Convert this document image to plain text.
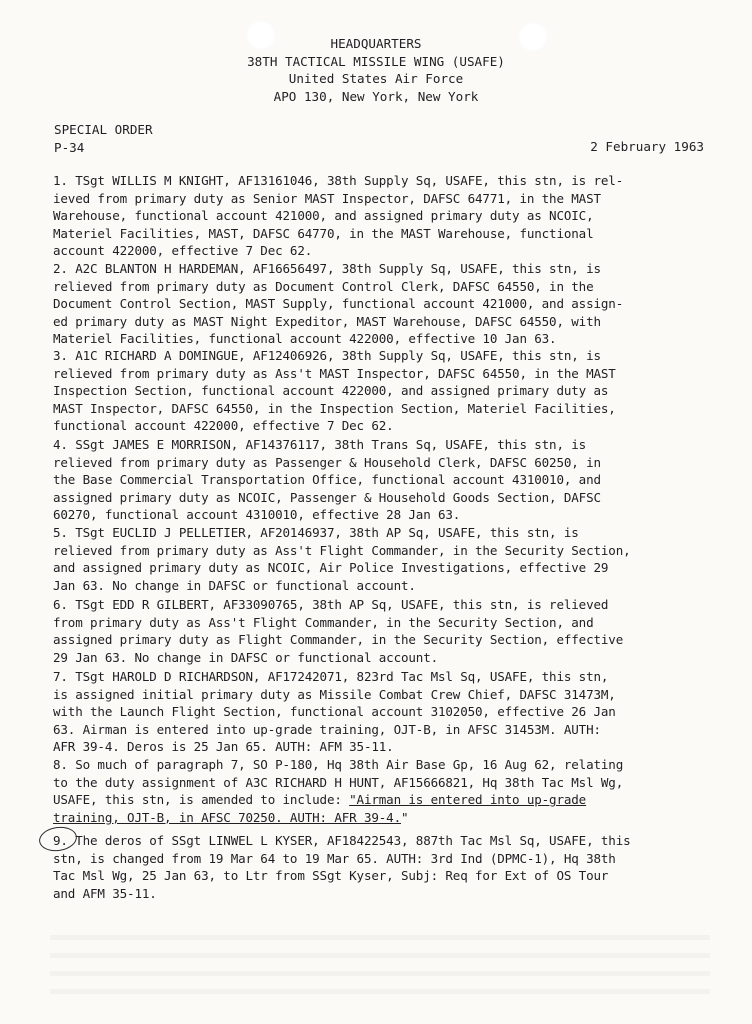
HEADQUARTERS
38TH TACTICAL MISSILE WING (USAFE)
United States Air Force
APO 130, New York, New York
SPECIAL ORDER
P-34	2 February 1963
1. TSgt WILLIS M KNIGHT, AF13161046, 38th Supply Sq, USAFE, this stn, is rel-
ieved from primary duty as Senior MAST Inspector, DAFSC 64771, in the MAST
Warehouse, functional account 421000, and assigned primary duty as NCOIC,
Materiel Facilities, MAST, DAFSC 64770, in the MAST Warehouse, functional
account 422000, effective 7 Dec 62.
2. A2C BLANTON H HARDEMAN, AF16656497, 38th Supply Sq, USAFE, this stn, is
relieved from primary duty as Document Control Clerk, DAFSC 64550, in the
Document Control Section, MAST Supply, functional account 421000, and assign-
ed primary duty as MAST Night Expeditor, MAST Warehouse, DAFSC 64550, with
Materiel Facilities, functional account 422000, effective 10 Jan 63.
3. A1C RICHARD A DOMINGUE, AF12406926, 38th Supply Sq, USAFE, this stn, is
relieved from primary duty as Ass't MAST Inspector, DAFSC 64550, in the MAST
Inspection Section, functional account 422000, and assigned primary duty as
MAST Inspector, DAFSC 64550, in the Inspection Section, Materiel Facilities,
functional account 422000, effective 7 Dec 62.
4. SSgt JAMES E MORRISON, AF14376117, 38th Trans Sq, USAFE, this stn, is
relieved from primary duty as Passenger & Household Clerk, DAFSC 60250, in
the Base Commercial Transportation Office, functional account 4310010, and
assigned primary duty as NCOIC, Passenger & Household Goods Section, DAFSC
60270, functional account 4310010, effective 28 Jan 63.
5. TSgt EUCLID J PELLETIER, AF20146937, 38th AP Sq, USAFE, this stn, is
relieved from primary duty as Ass't Flight Commander, in the Security Section,
and assigned primary duty as NCOIC, Air Police Investigations, effective 29
Jan 63. No change in DAFSC or functional account.
6. TSgt EDD R GILBERT, AF33090765, 38th AP Sq, USAFE, this stn, is relieved
from primary duty as Ass't Flight Commander, in the Security Section, and
assigned primary duty as Flight Commander, in the Security Section, effective
29 Jan 63. No change in DAFSC or functional account.
7. TSgt HAROLD D RICHARDSON, AF17242071, 823rd Tac Msl Sq, USAFE, this stn,
is assigned initial primary duty as Missile Combat Crew Chief, DAFSC 31473M,
with the Launch Flight Section, functional account 3102050, effective 26 Jan
63. Airman is entered into up-grade training, OJT-B, in AFSC 31453M. AUTH:
AFR 39-4. Deros is 25 Jan 65. AUTH: AFM 35-11.
8. So much of paragraph 7, SO P-180, Hq 38th Air Base Gp, 16 Aug 62, relating
to the duty assignment of A3C RICHARD H HUNT, AF15666821, Hq 38th Tac Msl Wg,
USAFE, this stn, is amended to include: "Airman is entered into up-grade
training, OJT-B, in AFSC 70250. AUTH: AFR 39-4."
9. The deros of SSgt LINWEL L KYSER, AF18422543, 887th Tac Msl Sq, USAFE, this
stn, is changed from 19 Mar 64 to 19 Mar 65. AUTH: 3rd Ind (DPMC-1), Hq 38th
Tac Msl Wg, 25 Jan 63, to Ltr from SSgt Kyser, Subj: Req for Ext of OS Tour
and AFM 35-11.
